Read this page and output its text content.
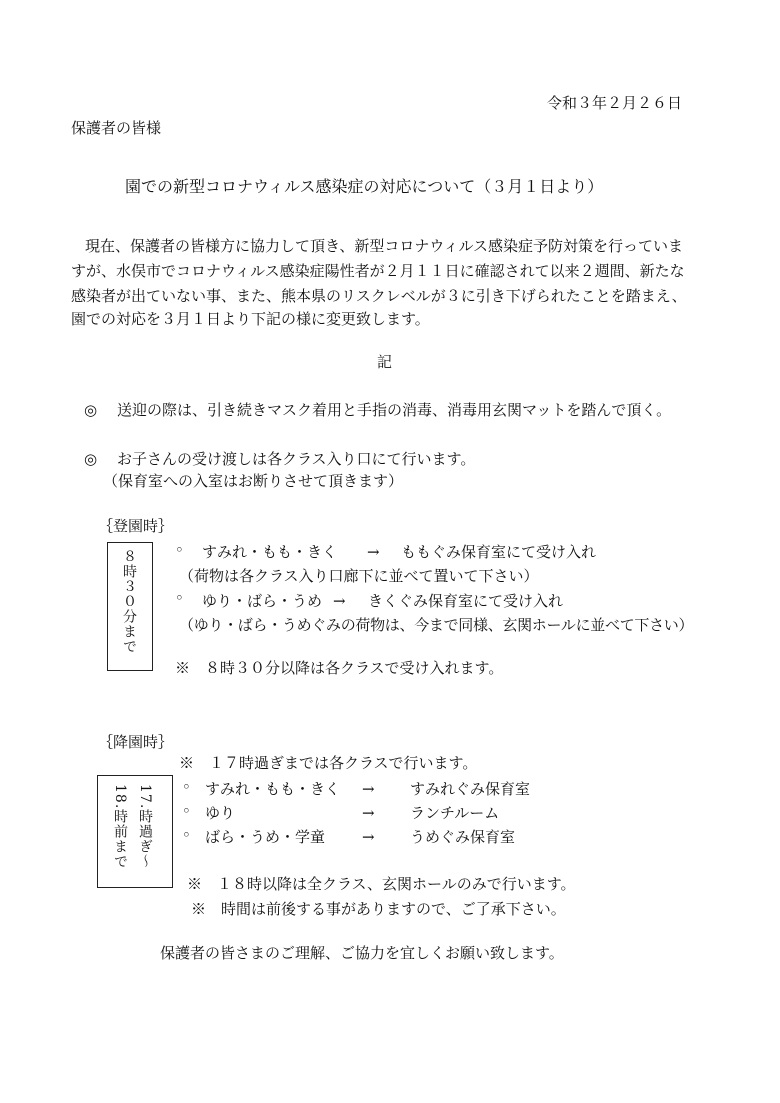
令和３年２月２６日
保護者の皆様
園での新型コロナウィルス感染症の対応について（３月１日より）
現在、保護者の皆様方に協力して頂き、新型コロナウィルス感染症予防対策を行っていま
すが、水俣市でコロナウィルス感染症陽性者が２月１１日に確認されて以来２週間、新たな
感染者が出ていない事、また、熊本県のリスクレベルが３に引き下げられたことを踏まえ、
園での対応を３月１日より下記の様に変更致します。
記
◎ 送迎の際は、引き続きマスク着用と手指の消毒、消毒用玄関マットを踏んで頂く。
◎ お子さんの受け渡しは各クラス入り口にて行います。
（保育室への入室はお断りさせて頂きます）
｛登園時｝
８時３０分まで	◦ すみれ・もも・きく → ももぐみ保育室にて受け入れ
（荷物は各クラス入り口廊下に並べて置いて下さい）
◦ ゆり・ばら・うめ → きくぐみ保育室にて受け入れ
（ゆり・ばら・うめぐみの荷物は、今まで同様、玄関ホールに並べて下さい）
※　８時３０分以降は各クラスで受け入れます。
｛降園時｝
17.時過ぎ～
18.時前まで
※　１７時過ぎまでは各クラスで行います。
◦ すみれ・もも・きく → すみれぐみ保育室
◦ ゆり	→ ランチルーム
◦ ばら・うめ・学童 → うめぐみ保育室
※　１８時以降は全クラス、玄関ホールのみで行います。
※　時間は前後する事がありますので、ご了承下さい。
保護者の皆さまのご理解、ご協力を宜しくお願い致します。
